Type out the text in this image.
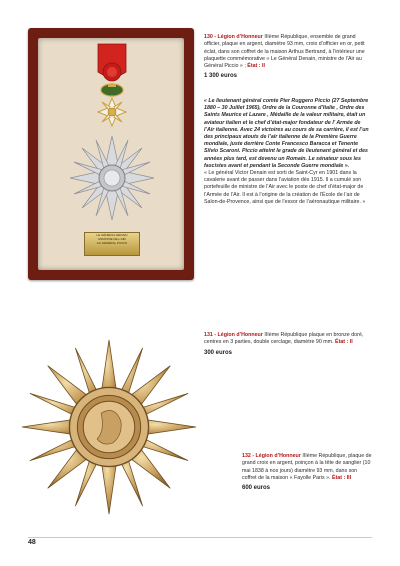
LE GÉNÉRAL DENAIN
MINISTRE DE L'AIR
AU GÉNÉRAL PICCIO
130 - Légion d’Honneur IIIème République, ensemble de grand officier, plaque en argent, diamètre 93 mm, croix d’officier en or, petit éclat, dans son coffret de la maison Arthus Bertrand, à l’intérieur une plaquette commémorative « Le Général Denain, ministre de l’Air au Général Piccio » ; État : II
1 300 euros

« Le lieutenant général comte Pier Ruggero Piccio (27 Septembre 1880 – 30 Juillet 1965), Ordre de la Couronne d’Italie , Ordre des Saints Maurice et Lazare , Médaille de la valeur militaire, était un aviateur italien et le chef d’état-major fondateur de l’ Armée de l’Air italienne. Avec 24 victoires au cours de sa carrière, il est l’un des principaux atouts de l’air italienne de la Première Guerre mondiale, juste derrière Conte Francesco Baracca et Tenente Silvio Scaroni. Piccio atteint le grade de lieutenant général et des années plus tard, est devenu un Romain. Le sénateur sous les fascistes avant et pendant la Seconde Guerre mondiale ».

« Le général Victor Denain est sorti de Saint-Cyr en 1901 dans la cavalerie avant de passer dans l’aviation dès 1915. Il a cumulé son portefeuille de ministre de l’Air avec le poste de chef d’état-major de l’Armée de l’Air. Il est à l’origine de la création de l’École de l’air de Salon-de-Provence, ainsi que de l’essor de l’aéronautique militaire. »

131 - Légion d’Honneur IIIème République plaque en bronze doré, centres en 3 parties, double cerclage, diamètre 90 mm. État : II
300 euros
132 - Légion d’Honneur IIIème République, plaque de grand croix en argent, poinçon à la tête de sanglier (10 mai 1838 à nos jours) diamètre 93 mm, dans son coffret de la maison « Fayolle Paris ». État : III
600 euros
48
